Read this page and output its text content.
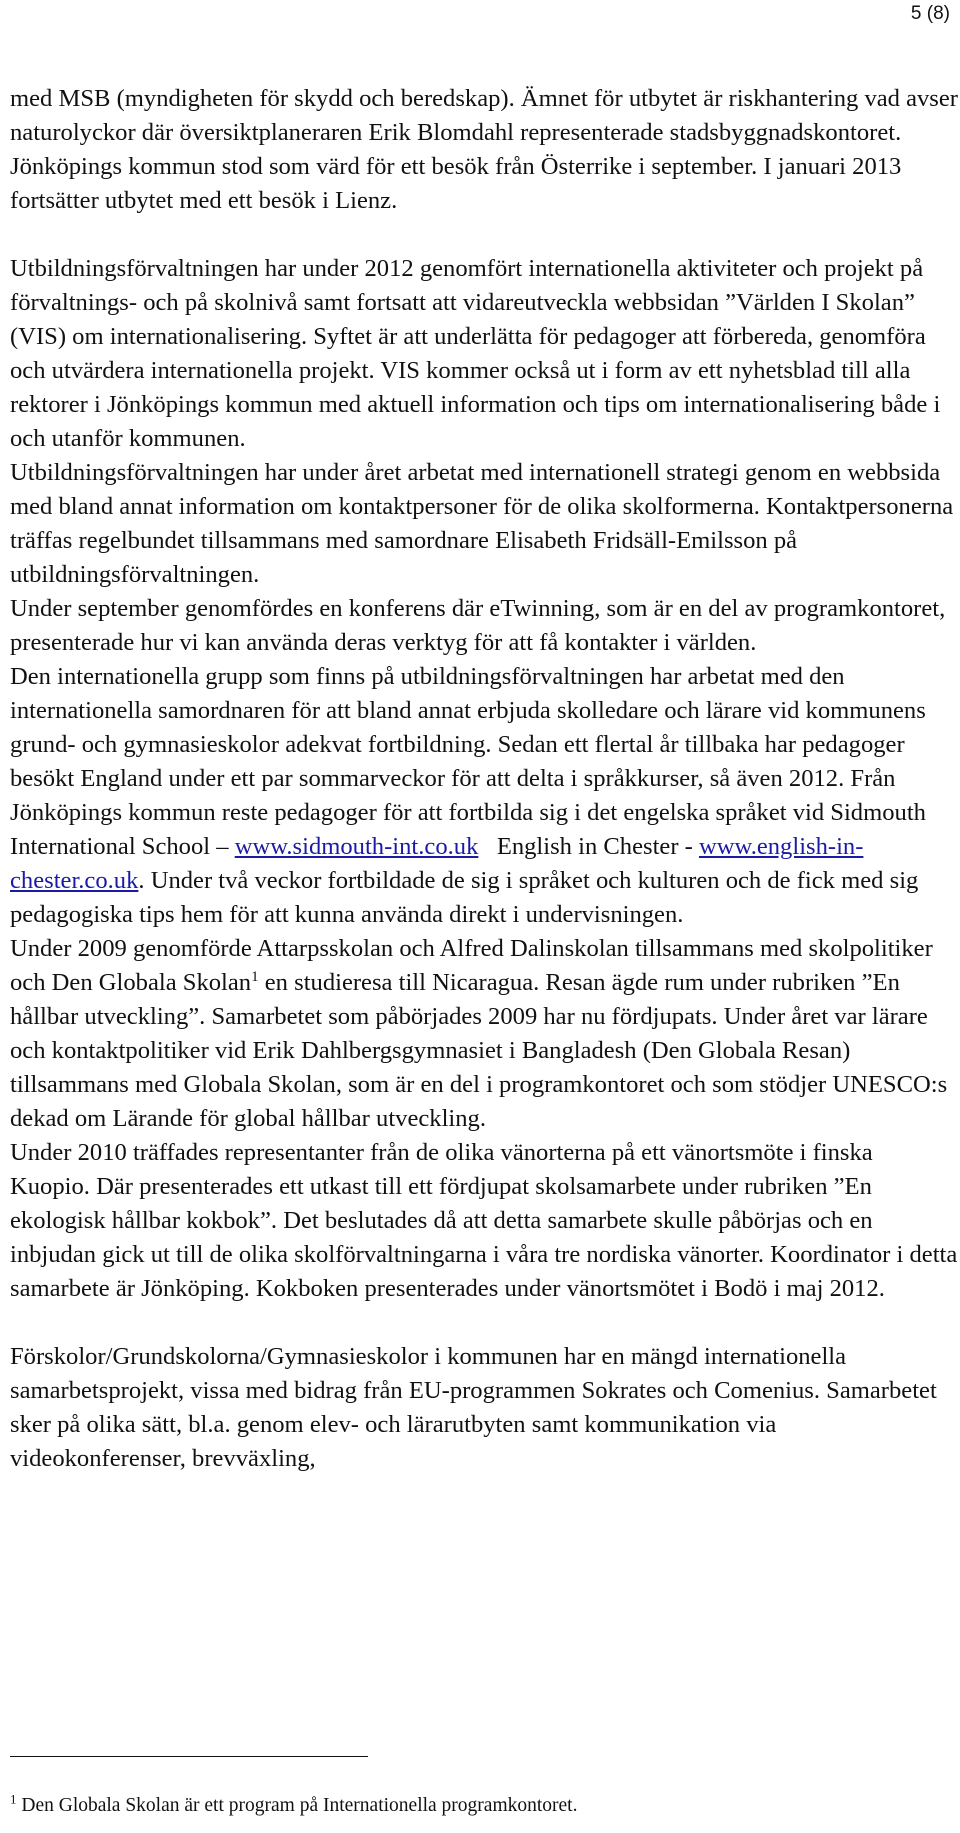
5 (8)

med MSB (myndigheten för skydd och beredskap). Ämnet för utbytet är riskhantering vad avser naturolyckor där översiktplaneraren Erik Blomdahl representerade stadsbyggnadskontoret. Jönköpings kommun stod som värd för ett besök från Österrike i september. I januari 2013 fortsätter utbytet med ett besök i Lienz.

Utbildningsförvaltningen har under 2012 genomfört internationella aktiviteter och projekt på förvaltnings- och på skolnivå samt fortsatt att vidareutveckla webbsidan ”Världen I Skolan” (VIS) om internationalisering. Syftet är att underlätta för pedagoger att förbereda, genomföra och utvärdera internationella projekt. VIS kommer också ut i form av ett nyhetsblad till alla rektorer i Jönköpings kommun med aktuell information och tips om internationalisering både i och utanför kommunen.

Utbildningsförvaltningen har under året arbetat med internationell strategi genom en webbsida med bland annat information om kontaktpersoner för de olika skolformerna. Kontaktpersonerna träffas regelbundet tillsammans med samordnare Elisabeth Fridsäll-Emilsson på utbildningsförvaltningen.

Under september genomfördes en konferens där eTwinning, som är en del av programkontoret, presenterade hur vi kan använda deras verktyg för att få kontakter i världen.

Den internationella grupp som finns på utbildningsförvaltningen har arbetat med den internationella samordnaren för att bland annat erbjuda skolledare och lärare vid kommunens grund- och gymnasieskolor adekvat fortbildning. Sedan ett flertal år tillbaka har pedagoger besökt England under ett par sommarveckor för att delta i språkkurser, så även 2012. Från Jönköpings kommun reste pedagoger för att fortbilda sig i det engelska språket vid Sidmouth International School – www.sidmouth-int.co.uk   English in Chester - www.english-in-chester.co.uk. Under två veckor fortbildade de sig i språket och kulturen och de fick med sig pedagogiska tips hem för att kunna använda direkt i undervisningen.

Under 2009 genomförde Attarpsskolan och Alfred Dalinskolan tillsammans med skolpolitiker och Den Globala Skolan$^1$ en studieresa till Nicaragua. Resan ägde rum under rubriken ”En hållbar utveckling”. Samarbetet som påbörjades 2009 har nu fördjupats. Under året var lärare och kontaktpolitiker vid Erik Dahlbergsgymnasiet i Bangladesh (Den Globala Resan) tillsammans med Globala Skolan, som är en del i programkontoret och som stödjer UNESCO:s dekad om Lärande för global hållbar utveckling.

Under 2010 träffades representanter från de olika vänorterna på ett vänortsmöte i finska Kuopio. Där presenterades ett utkast till ett fördjupat skolsamarbete under rubriken ”En ekologisk hållbar kokbok”. Det beslutades då att detta samarbete skulle påbörjas och en inbjudan gick ut till de olika skolförvaltningarna i våra tre nordiska vänorter. Koordinator i detta samarbete är Jönköping. Kokboken presenterades under vänortsmötet i Bodö i maj 2012.

Förskolor/Grundskolorna/Gymnasieskolor i kommunen har en mängd internationella samarbetsprojekt, vissa med bidrag från EU-programmen Sokrates och Comenius. Samarbetet sker på olika sätt, bl.a. genom elev- och lärarutbyten samt kommunikation via videokonferenser, brevväxling,

$^1$ Den Globala Skolan är ett program på Internationella programkontoret.
